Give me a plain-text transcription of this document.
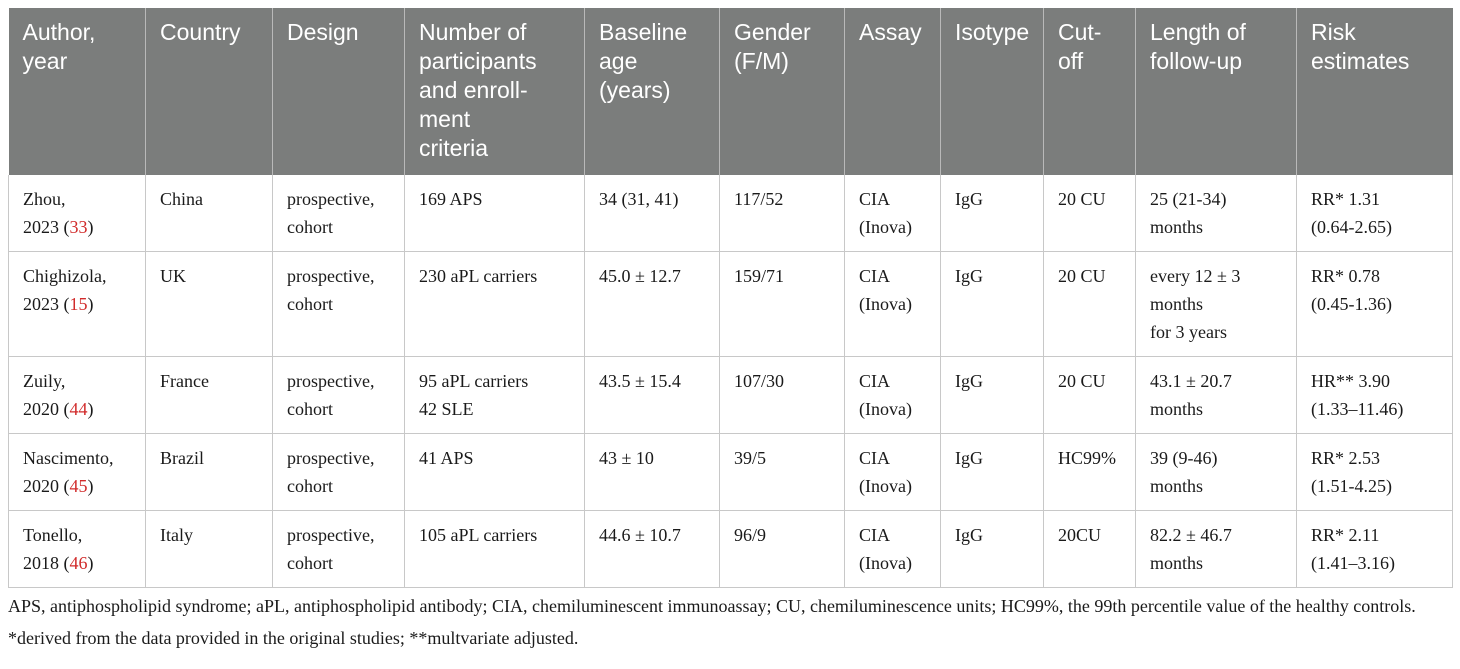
Author,
year	Country	Design	Number of
participants
and enroll-
ment
criteria	Baseline
age
(years)	Gender
(F/M)	Assay	Isotype	Cut-
off	Length of
follow-up	Risk
estimates

Zhou,
2023 (33)	China	prospective,
cohort	169 APS	34 (31, 41)	117/52	CIA
(Inova)	IgG	20 CU	25 (21-34)
months	RR* 1.31
(0.64-2.65)

Chighizola,
2023 (15)	UK	prospective,
cohort	230 aPL carriers	45.0 ± 12.7	159/71	CIA
(Inova)	IgG	20 CU	every 12 ± 3
months
for 3 years	RR* 0.78
(0.45-1.36)

Zuily,
2020 (44)	France	prospective,
cohort	95 aPL carriers
42 SLE	43.5 ± 15.4	107/30	CIA
(Inova)	IgG	20 CU	43.1 ± 20.7
months	HR** 3.90
(1.33–11.46)

Nascimento,
2020 (45)	Brazil	prospective,
cohort	41 APS	43 ± 10	39/5	CIA
(Inova)	IgG	HC99%	39 (9-46)
months	RR* 2.53
(1.51-4.25)

Tonello,
2018 (46)	Italy	prospective,
cohort	105 aPL carriers	44.6 ± 10.7	96/9	CIA
(Inova)	IgG	20CU	82.2 ± 46.7
months	RR* 2.11
(1.41–3.16)

APS, antiphospholipid syndrome; aPL, antiphospholipid antibody; CIA, chemiluminescent immunoassay; CU, chemiluminescence units; HC99%, the 99th percentile value of the healthy controls.

*derived from the data provided in the original studies; **multvariate adjusted.
